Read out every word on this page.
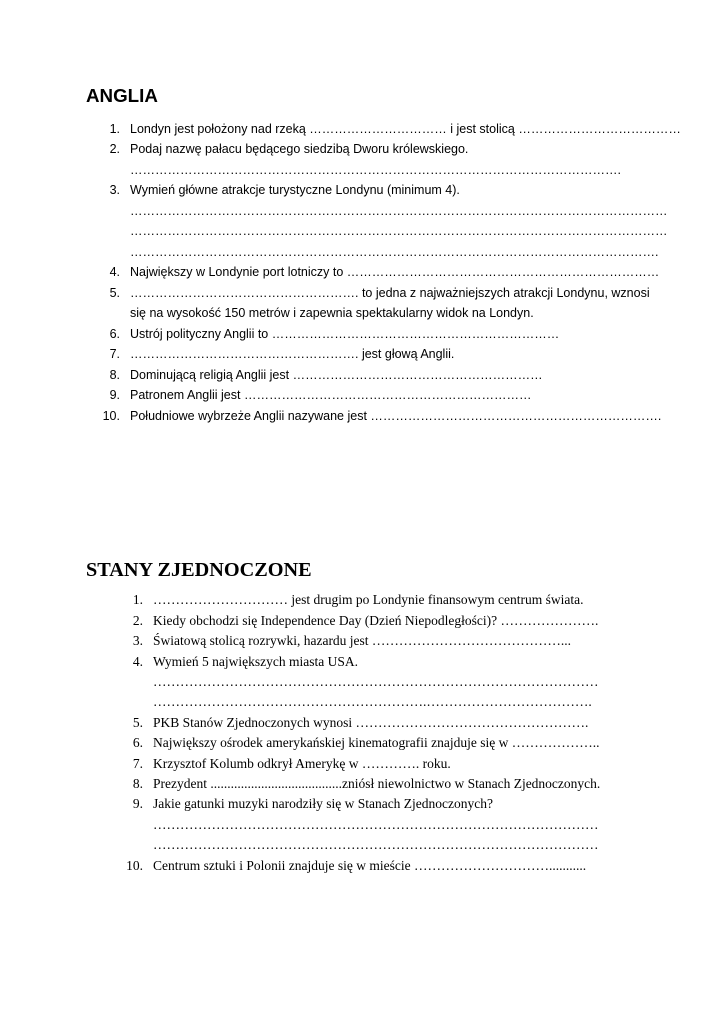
ANGLIA
1. Londyn jest położony nad rzeką …………………………… i jest stolicą …………………………………
2. Podaj nazwę pałacu będącego siedzibą Dworu królewskiego.
……………………………………………………………………………………………………….
3. Wymień główne atrakcje turystyczne Londynu (minimum 4).
…………………………………………………………………………………………………………………
…………………………………………………………………………………………………………………
……………………………………………………………………………………………………………….
4. Największy w Londynie port lotniczy to …………………………………………………………………
5. ………………………………………………. to jedna z najważniejszych atrakcji Londynu, wznosi
się na wysokość 150 metrów i zapewnia spektakularny widok na Londyn.
6. Ustrój polityczny Anglii to ……………………………………………………………
7. ………………………………………………. jest głową Anglii.
8. Dominującą religią Anglii jest ……………………………………………………
9. Patronem Anglii jest ……………………………………………………………
10. Południowe wybrzeże Anglii nazywane jest …………………………………………………………….
STANY ZJEDNOCZONE
1. ………………………… jest drugim po Londynie finansowym centrum świata.
2. Kiedy obchodzi się Independence Day (Dzień Niepodległości)? ………………….
3. Światową stolicą rozrywki, hazardu jest ……………………………………...
4. Wymień 5 największych miasta USA.
………………………………………………………………………………………
…………………………………………………….……………………………….
5. PKB Stanów Zjednoczonych wynosi …………………………………………….
6. Największy ośrodek amerykańskiej kinematografii znajduje się w ………………..
7. Krzysztof Kolumb odkrył Amerykę w …………. roku.
8. Prezydent .......................................zniósł niewolnictwo w Stanach Zjednoczonych.
9. Jakie gatunki muzyki narodziły się w Stanach Zjednoczonych?
………………………………………………………………………………………
………………………………………………………………………………………
10. Centrum sztuki i Polonii znajduje się w mieście …………………………...........
